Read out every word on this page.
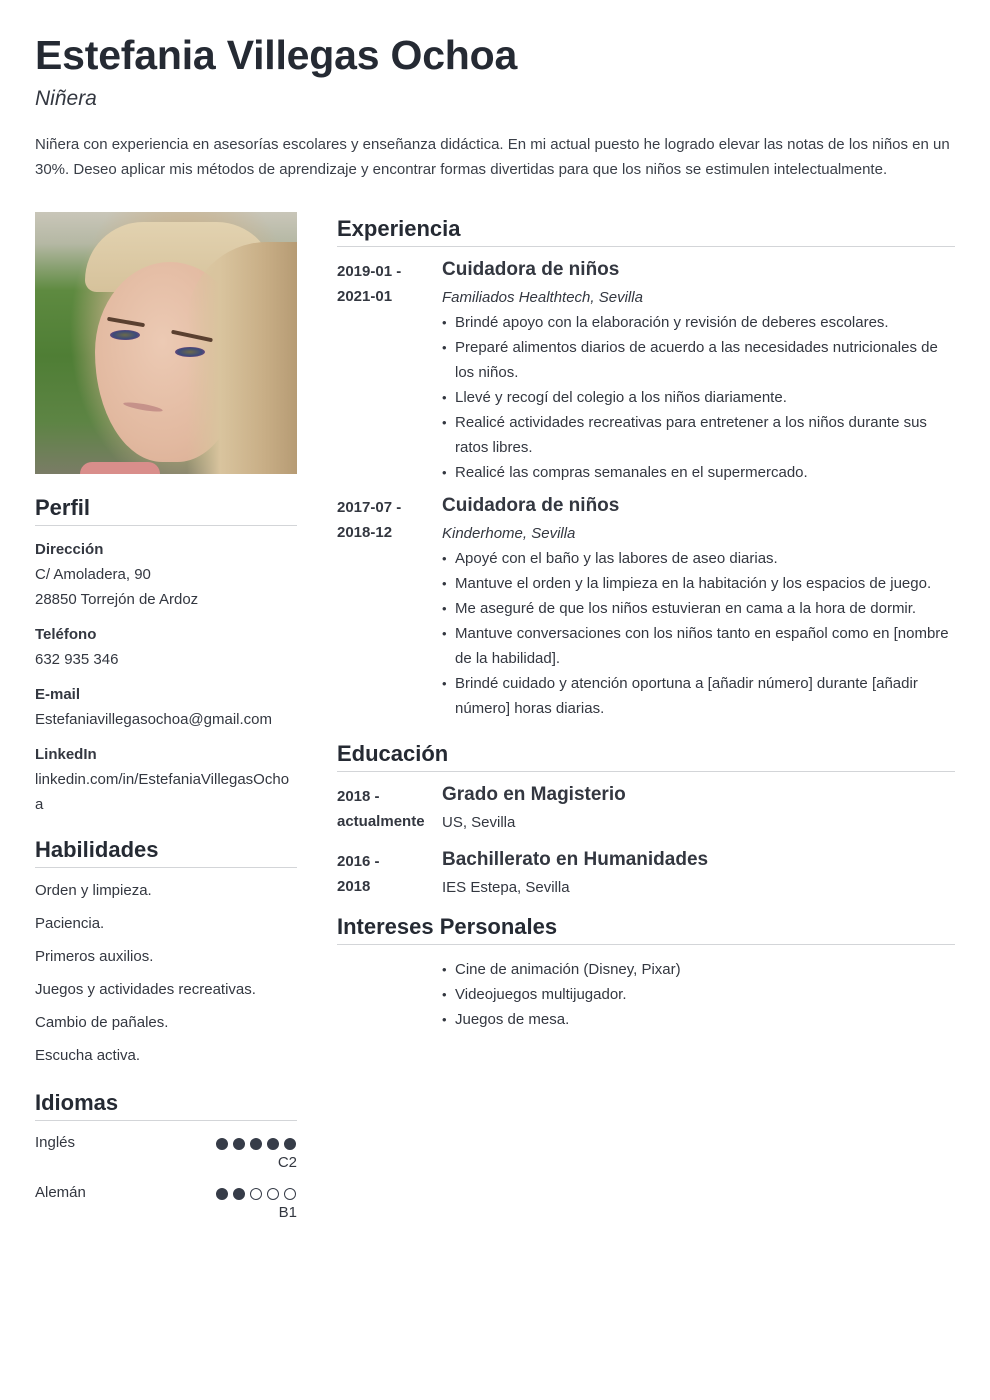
Estefania Villegas Ochoa
Niñera

Niñera con experiencia en asesorías escolares y enseñanza didáctica. En mi actual puesto he logrado elevar las notas de los niños en un 30%. Deseo aplicar mis métodos de aprendizaje y encontrar formas divertidas para que los niños se estimulen intelectualmente.

Perfil
Dirección
C/ Amoladera, 90
28850 Torrejón de Ardoz
Teléfono
632 935 346
E-mail
Estefaniavillegasochoa@gmail.com
LinkedIn
linkedin.com/in/EstefaniaVillegasOchoa
Habilidades
Orden y limpieza.
Paciencia.
Primeros auxilios.
Juegos y actividades recreativas.
Cambio de pañales.
Escucha activa.
Idiomas
Inglés
C2
Alemán
B1
Experiencia
2019-01 -
2021-01
Cuidadora de niños
Familiados Healthtech, Sevilla
• Brindé apoyo con la elaboración y revisión de deberes escolares.
• Preparé alimentos diarios de acuerdo a las necesidades nutricionales de los niños.
• Llevé y recogí del colegio a los niños diariamente.
• Realicé actividades recreativas para entretener a los niños durante sus ratos libres.
• Realicé las compras semanales en el supermercado.
2017-07 -
2018-12
Cuidadora de niños
Kinderhome, Sevilla
• Apoyé con el baño y las labores de aseo diarias.
• Mantuve el orden y la limpieza en la habitación y los espacios de juego.
• Me aseguré de que los niños estuvieran en cama a la hora de dormir.
• Mantuve conversaciones con los niños tanto en español como en [nombre de la habilidad].
• Brindé cuidado y atención oportuna a [añadir número] durante [añadir número] horas diarias.
Educación
2018 -
actualmente
Grado en Magisterio
US, Sevilla
2016 -
2018
Bachillerato en Humanidades
IES Estepa, Sevilla
Intereses Personales
• Cine de animación (Disney, Pixar)
• Videojuegos multijugador.
• Juegos de mesa.
